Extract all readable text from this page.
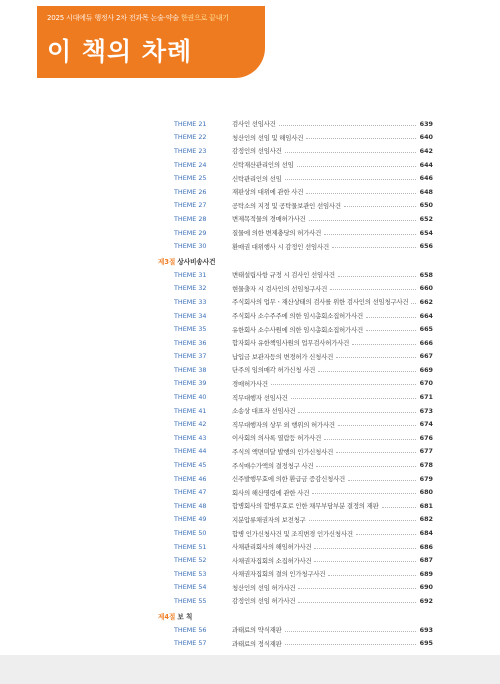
2025 시대에듀 행정사 2차 전과목 논술·약술 한권으로 끝내기
이 책의 차례
THEME 21	검사인 선임사건	639
THEME 22	청산인의 선임 및 해임사건	640
THEME 23	감정인의 선임사건	642
THEME 24	신탁재산관리인의 선임	644
THEME 25	신탁관리인의 선임	646
THEME 26	재판상의 대위에 관한 사건	648
THEME 27	공탁소의 지정 및 공탁물보관인 선임사건	650
THEME 28	변제목적물의 경매허가사건	652
THEME 29	질물에 의한 변제충당의 허가사건	654
THEME 30	환매권 대위행사 시 감정인 선임사건	656
제3절 상사비송사건
THEME 31	변태설립사항 규정 시 검사인 선임사건	658
THEME 32	현물출자 시 검사인의 선임청구사건	660
THEME 33	주식회사의 업무ㆍ재산상태의 검사를 위한 검사인의 선임청구사건 662
THEME 34	주식회사 소수주주에 의한 임시총회소집허가사건	664
THEME 35	유한회사 소수사원에 의한 임시총회소집허가사건	665
THEME 36	합자회사 유한책임사원의 업무검사허가사건	666
THEME 37	납입금 보관자등의 변경허가 신청사건	667
THEME 38	단주의 임의매각 허가신청 사건	669
THEME 39	경매허가사건	670
THEME 40	직무대행자 선임사건	671
THEME 41	소송상 대표자 선임사건	673
THEME 42	직무대행자의 상무 외 행위의 허가사건	674
THEME 43	이사회의 의사록 열람등 허가사건	676
THEME 44	주식의 액면미달 발행의 인가신청사건	677
THEME 45	주식매수가액의 결정청구 사건	678
THEME 46	신주발행무효에 의한 환급금 증감신청사건	679
THEME 47	회사의 해산명령에 관한 사건	680
THEME 48	합병회사의 합병무효로 인한 채무부담부분 결정의 재판	681
THEME 49	지분압류채권자의 보전청구	682
THEME 50	합병 인가신청사건 및 조직변경 인가신청사건	684
THEME 51	사채관리회사의 해임허가사건	686
THEME 52	사채권자집회의 소집허가사건	687
THEME 53	사채권자집회의 결의 인가청구사건	689
THEME 54	청산인의 선임 허가사건	690
THEME 55	감정인의 선임 허가사건	692
제4절 보 칙
THEME 56	과태료의 약식재판	693
THEME 57	과태료의 정식재판	695
